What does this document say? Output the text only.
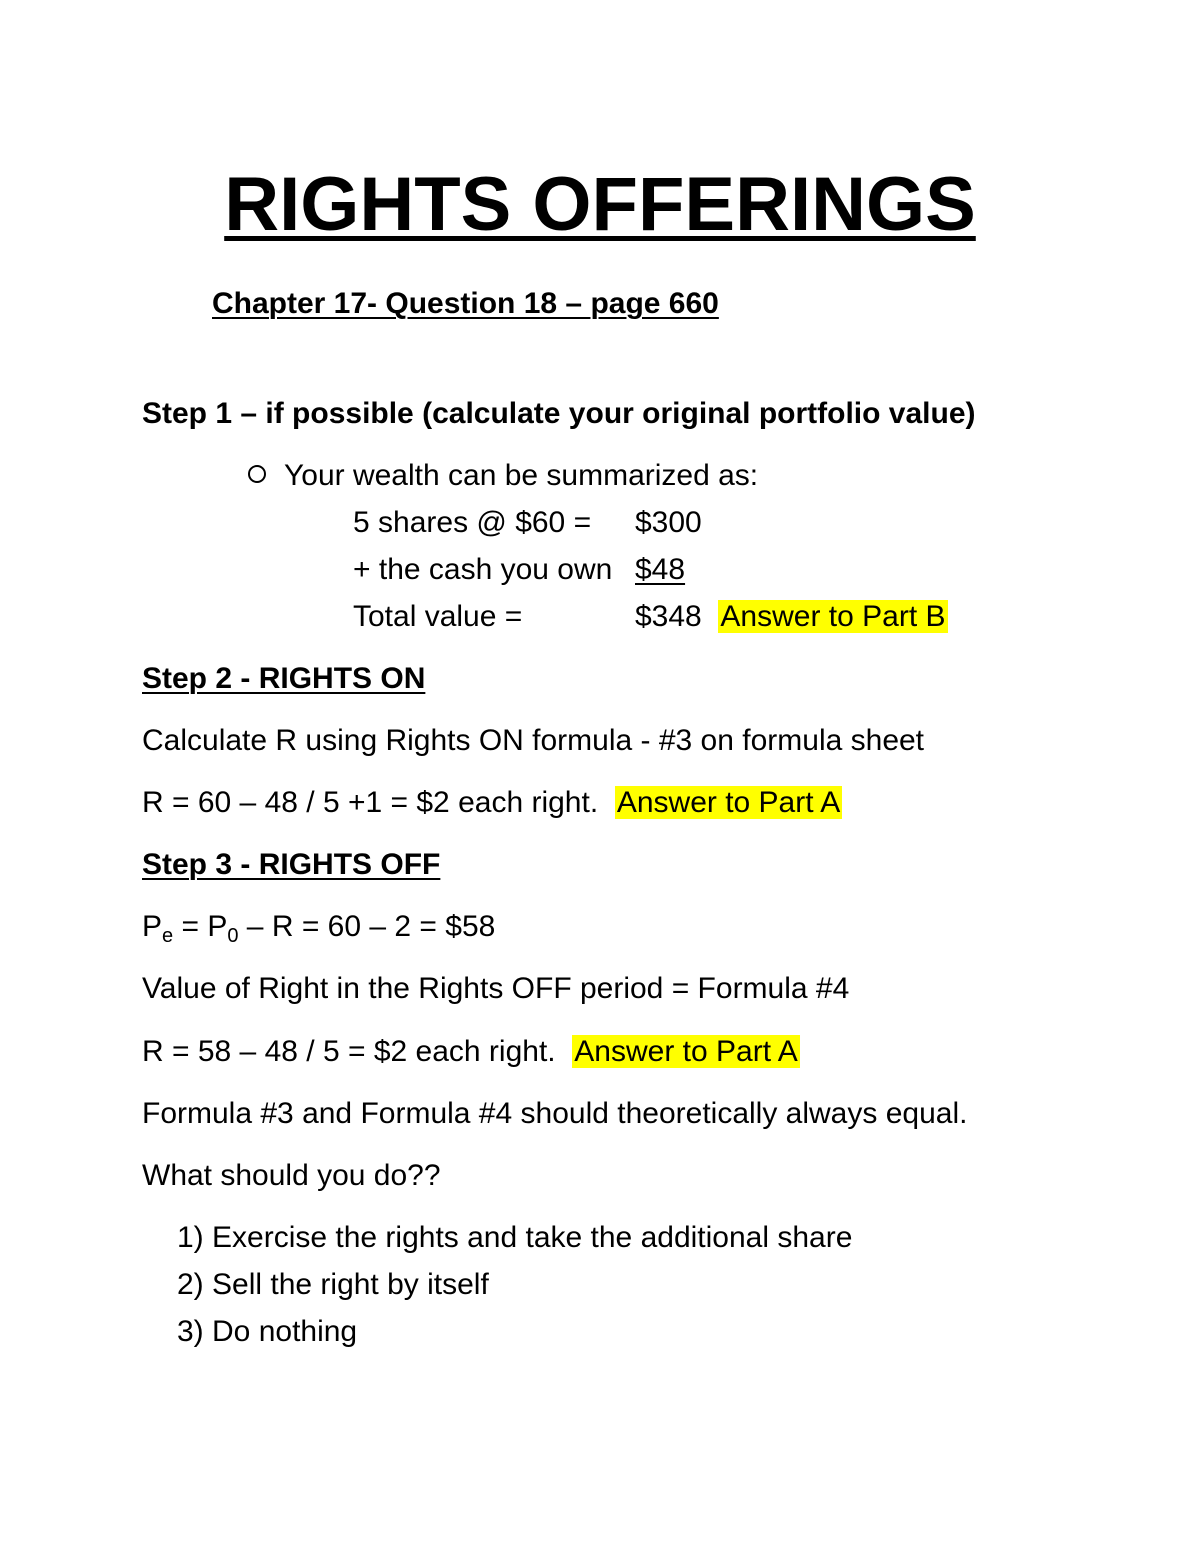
RIGHTS OFFERINGS
Chapter 17- Question 18 – page 660
Step 1 – if possible (calculate your original portfolio value)
Your wealth can be summarized as:
5 shares @ $60 = $300
+ the cash you own $48
Total value =	$348 Answer to Part B
Step 2 - RIGHTS ON
Calculate R using Rights ON formula - #3 on formula sheet
R = 60 – 48 / 5 +1 = $2 each right. Answer to Part A
Step 3 - RIGHTS OFF
$P_e = P_0 - R = 60 - 2$ = $58
Value of Right in the Rights OFF period = Formula #4
R = 58 – 48 / 5 = $2 each right. Answer to Part A
Formula #3 and Formula #4 should theoretically always equal.
What should you do??
1) Exercise the rights and take the additional share
2) Sell the right by itself
3) Do nothing
